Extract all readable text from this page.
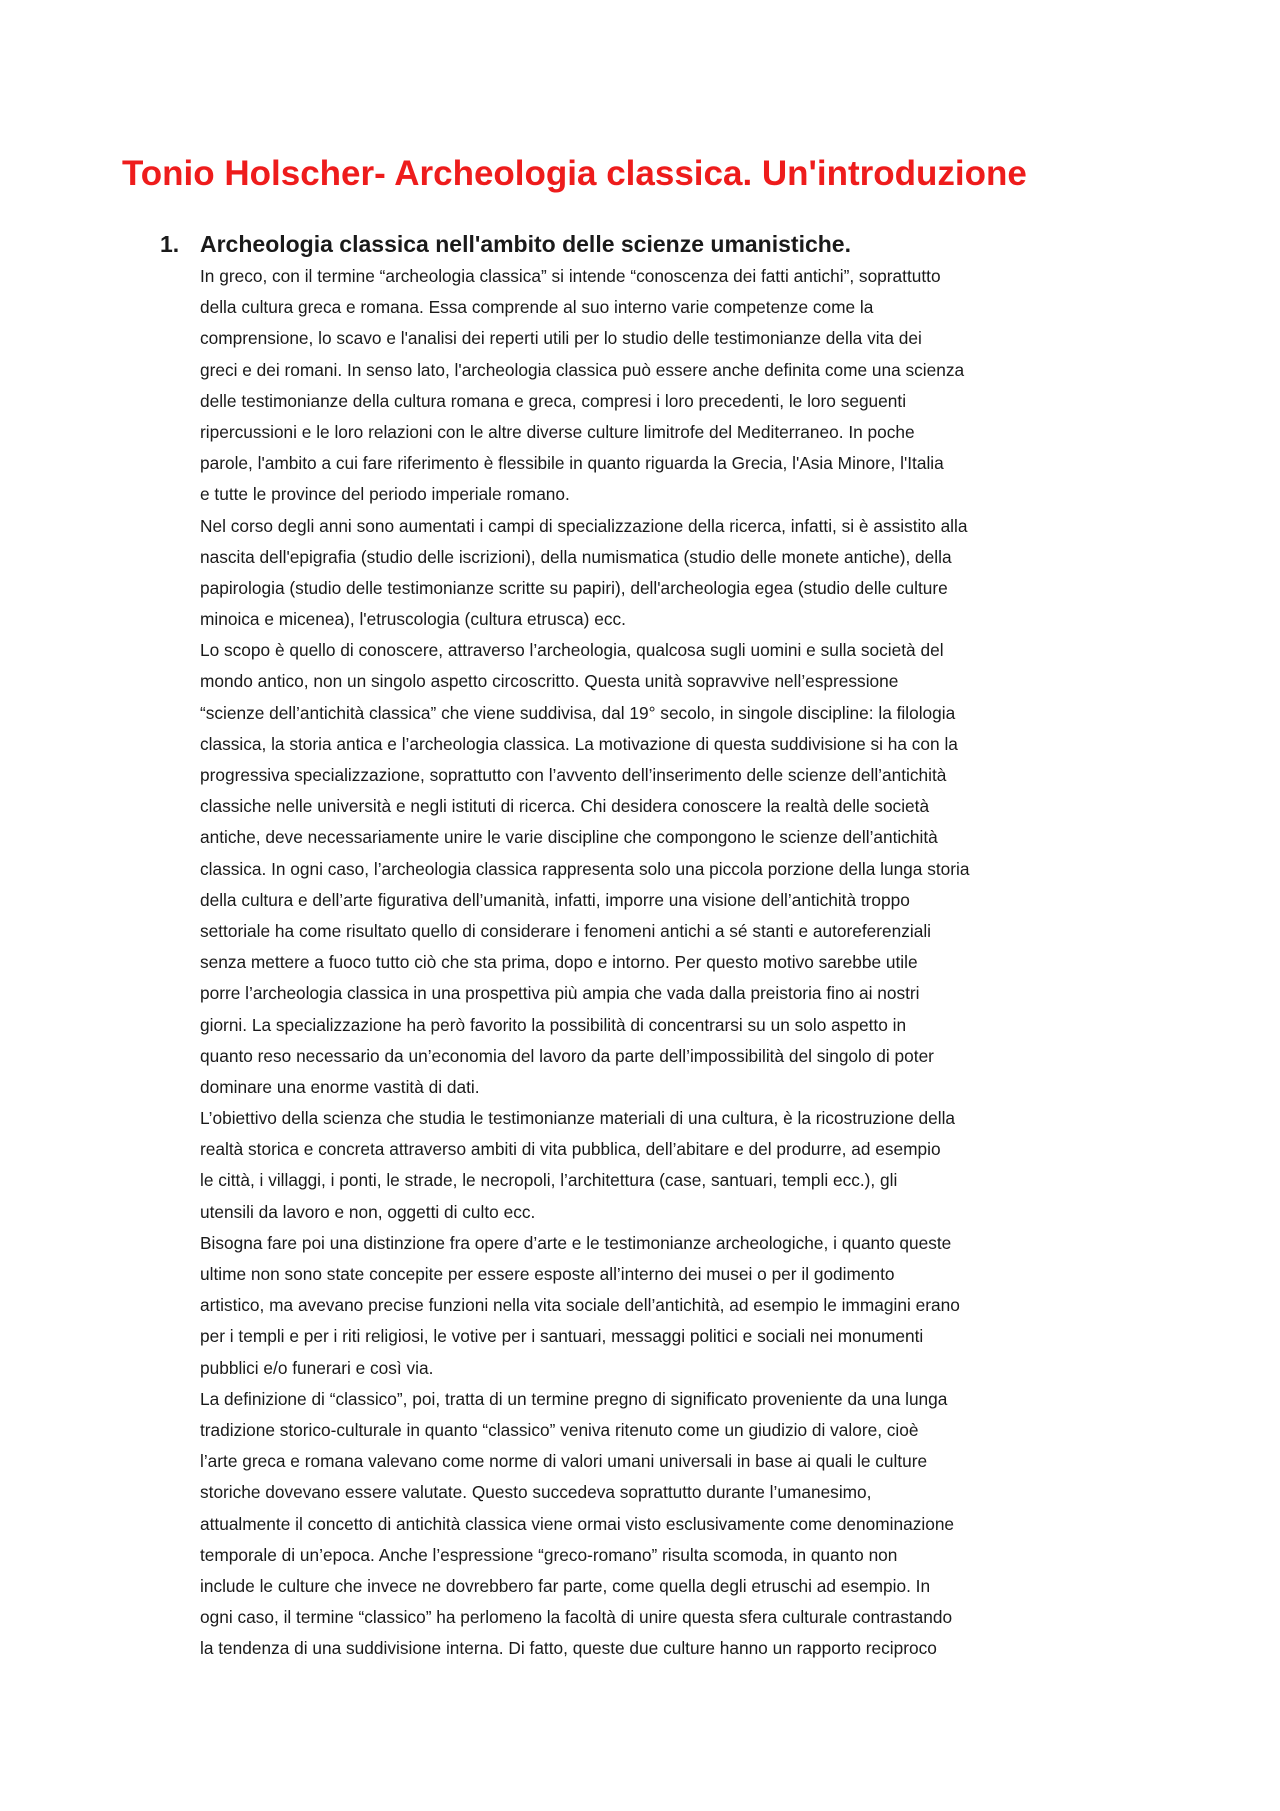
Tonio Holscher- Archeologia classica. Un'introduzione
1. Archeologia classica nell'ambito delle scienze umanistiche.
In greco, con il termine “archeologia classica” si intende “conoscenza dei fatti antichi”, soprattutto
della cultura greca e romana. Essa comprende al suo interno varie competenze come la
comprensione, lo scavo e l'analisi dei reperti utili per lo studio delle testimonianze della vita dei
greci e dei romani. In senso lato, l'archeologia classica può essere anche definita come una scienza
delle testimonianze della cultura romana e greca, compresi i loro precedenti, le loro seguenti
ripercussioni e le loro relazioni con le altre diverse culture limitrofe del Mediterraneo. In poche
parole, l'ambito a cui fare riferimento è flessibile in quanto riguarda la Grecia, l'Asia Minore, l'Italia
e tutte le province del periodo imperiale romano.
Nel corso degli anni sono aumentati i campi di specializzazione della ricerca, infatti, si è assistito alla
nascita dell'epigrafia (studio delle iscrizioni), della numismatica (studio delle monete antiche), della
papirologia (studio delle testimonianze scritte su papiri), dell'archeologia egea (studio delle culture
minoica e micenea), l'etruscologia (cultura etrusca) ecc.
Lo scopo è quello di conoscere, attraverso l’archeologia, qualcosa sugli uomini e sulla società del
mondo antico, non un singolo aspetto circoscritto. Questa unità sopravvive nell’espressione
“scienze dell’antichità classica” che viene suddivisa, dal 19° secolo, in singole discipline: la filologia
classica, la storia antica e l’archeologia classica. La motivazione di questa suddivisione si ha con la
progressiva specializzazione, soprattutto con l’avvento dell’inserimento delle scienze dell’antichità
classiche nelle università e negli istituti di ricerca. Chi desidera conoscere la realtà delle società
antiche, deve necessariamente unire le varie discipline che compongono le scienze dell’antichità
classica. In ogni caso, l’archeologia classica rappresenta solo una piccola porzione della lunga storia
della cultura e dell’arte figurativa dell’umanità, infatti, imporre una visione dell’antichità troppo
settoriale ha come risultato quello di considerare i fenomeni antichi a sé stanti e autoreferenziali
senza mettere a fuoco tutto ciò che sta prima, dopo e intorno. Per questo motivo sarebbe utile
porre l’archeologia classica in una prospettiva più ampia che vada dalla preistoria fino ai nostri
giorni. La specializzazione ha però favorito la possibilità di concentrarsi su un solo aspetto in
quanto reso necessario da un’economia del lavoro da parte dell’impossibilità del singolo di poter
dominare una enorme vastità di dati.
L’obiettivo della scienza che studia le testimonianze materiali di una cultura, è la ricostruzione della
realtà storica e concreta attraverso ambiti di vita pubblica, dell’abitare e del produrre, ad esempio
le città, i villaggi, i ponti, le strade, le necropoli, l’architettura (case, santuari, templi ecc.), gli
utensili da lavoro e non, oggetti di culto ecc.
Bisogna fare poi una distinzione fra opere d’arte e le testimonianze archeologiche, i quanto queste
ultime non sono state concepite per essere esposte all’interno dei musei o per il godimento
artistico, ma avevano precise funzioni nella vita sociale dell’antichità, ad esempio le immagini erano
per i templi e per i riti religiosi, le votive per i santuari, messaggi politici e sociali nei monumenti
pubblici e/o funerari e così via.
La definizione di “classico”, poi, tratta di un termine pregno di significato proveniente da una lunga
tradizione storico-culturale in quanto “classico” veniva ritenuto come un giudizio di valore, cioè
l’arte greca e romana valevano come norme di valori umani universali in base ai quali le culture
storiche dovevano essere valutate. Questo succedeva soprattutto durante l’umanesimo,
attualmente il concetto di antichità classica viene ormai visto esclusivamente come denominazione
temporale di un’epoca. Anche l’espressione “greco-romano” risulta scomoda, in quanto non
include le culture che invece ne dovrebbero far parte, come quella degli etruschi ad esempio. In
ogni caso, il termine “classico” ha perlomeno la facoltà di unire questa sfera culturale contrastando
la tendenza di una suddivisione interna. Di fatto, queste due culture hanno un rapporto reciproco
